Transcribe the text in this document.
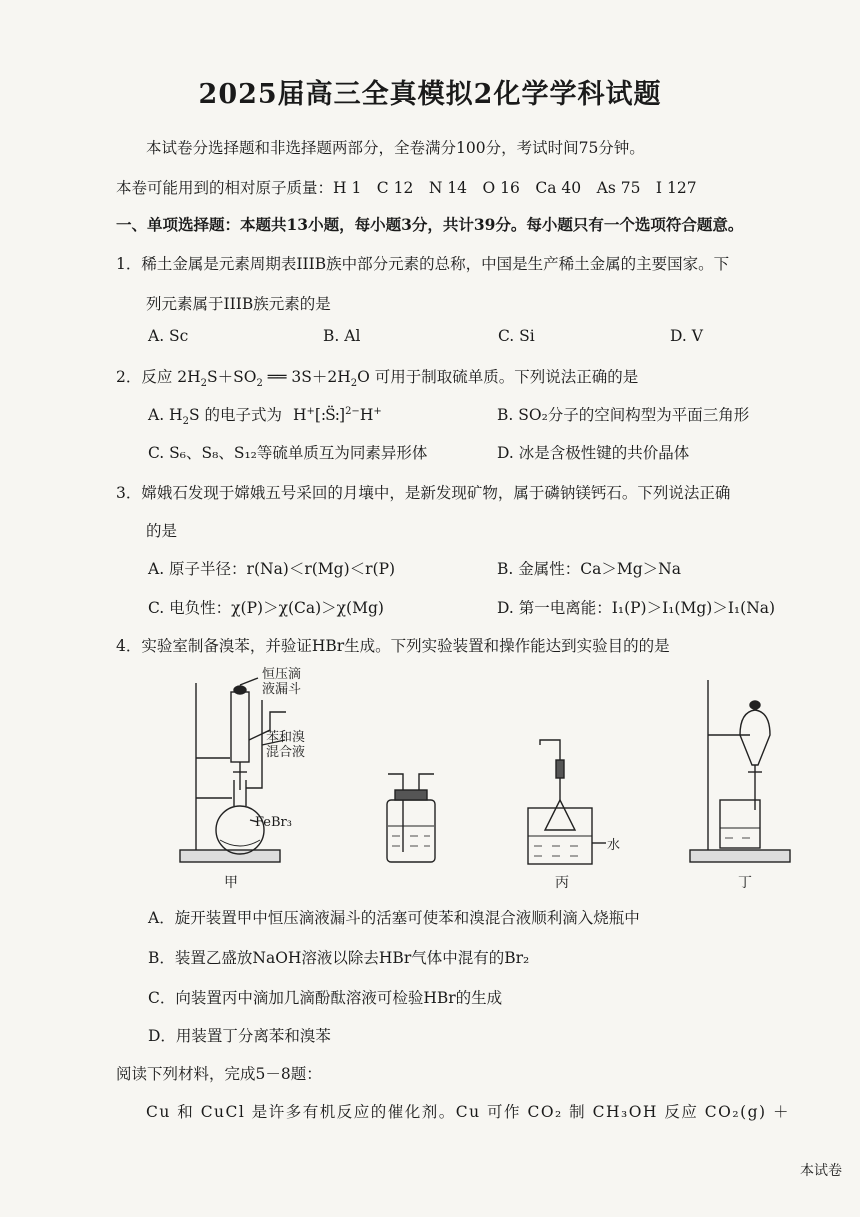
2025届高三全真模拟2化学学科试题
本试卷分选择题和非选择题两部分，全卷满分100分，考试时间75分钟。
本卷可能用到的相对原子质量：H 1　C 12　N 14　O 16　Ca 40　As 75　I 127
一、单项选择题：本题共13小题，每小题3分，共计39分。每小题只有一个选项符合题意。
1．稀土金属是元素周期表IIIB族中部分元素的总称，中国是生产稀土金属的主要国家。下
列元素属于IIIB族元素的是
A. Sc	B. Al	C. Si	D. V
2．反应 $2H_2S+SO_2$ ══ $3S+2H_2O$ 可用于制取硫单质。下列说法正确的是
A. $H_2S$ 的电子式为 H+[:S̈:]$^{2-}$H+	B. SO₂分子的空间构型为平面三角形
C. S₆、S₈、S₁₂等硫单质互为同素异形体	D. 冰是含极性键的共价晶体
3．嫦娥石发现于嫦娥五号采回的月壤中，是新发现矿物，属于磷钠镁钙石。下列说法正确
的是
A. 原子半径：r(Na)＜r(Mg)＜r(P)	B. 金属性：Ca＞Mg＞Na
C. 电负性：χ(P)＞χ(Ca)＞χ(Mg)	D. 第一电离能：I₁(P)＞I₁(Mg)＞I₁(Na)
4．实验室制备溴苯，并验证HBr生成。下列实验装置和操作能达到实验目的的是
恒压滴
液漏斗
苯和溴
混合液
FeBr₃
甲
水
丙	丁
A．旋开装置甲中恒压滴液漏斗的活塞可使苯和溴混合液顺利滴入烧瓶中
B．装置乙盛放NaOH溶液以除去HBr气体中混有的Br₂
C．向装置丙中滴加几滴酚酞溶液可检验HBr的生成
D．用装置丁分离苯和溴苯
阅读下列材料，完成5－8题：
Cu 和 CuCl 是许多有机反应的催化剂。Cu 可作 CO₂ 制 CH₃OH 反应 CO₂(g) ＋
本试卷
